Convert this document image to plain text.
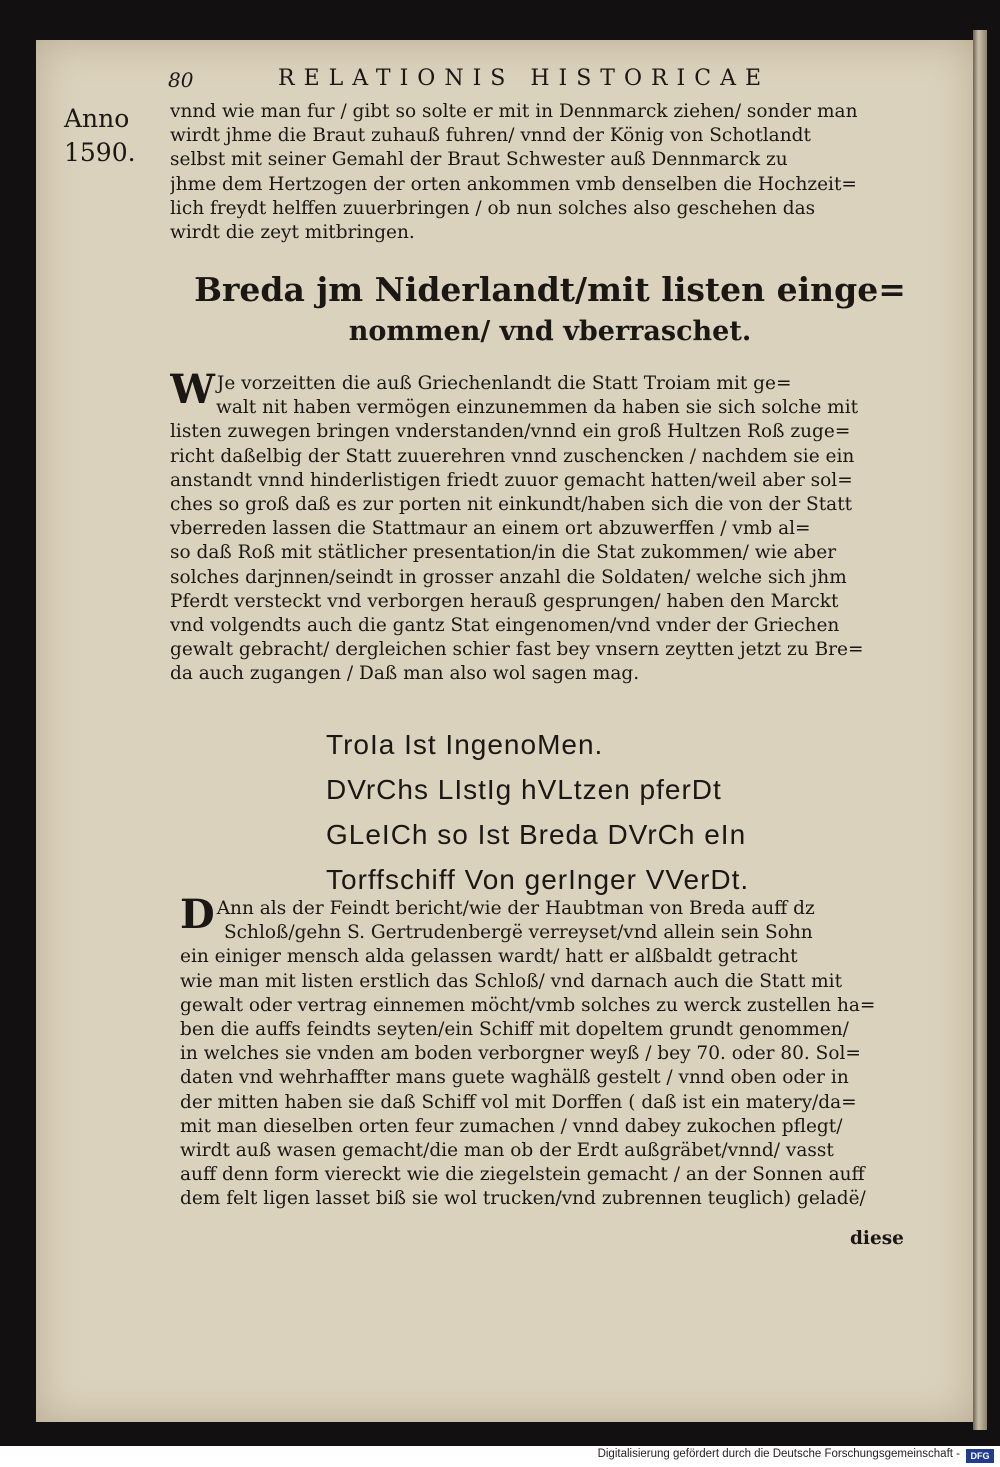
80	RELATIONIS HISTORICAE
Anno
1590.
vnnd wie man fur / gibt so solte er mit in Dennmarck ziehen/ sonder man
wirdt jhme die Braut zuhauß fuhren/ vnnd der König von Schotlandt
selbst mit seiner Gemahl der Braut Schwester auß Dennmarck zu
jhme dem Hertzogen der orten ankommen vmb denselben die Hochzeit=
lich freydt helffen zuuerbringen / ob nun solches also geschehen das
wirdt die zeyt mitbringen.
Breda jm Niderlandt/mit listen einge=
nommen/ vnd vberraschet.
W Je vorzeitten die auß Griechenlandt die Statt Troiam mit ge=
walt nit haben vermögen einzunemmen da haben sie sich solche mit
listen zuwegen bringen vnderstanden/vnnd ein groß Hultzen Roß zuge=
richt daßelbig der Statt zuuerehren vnnd zuschencken / nachdem sie ein
anstandt vnnd hinderlistigen friedt zuuor gemacht hatten/weil aber sol=
ches so groß daß es zur porten nit einkundt/haben sich die von der Statt
vberreden lassen die Stattmaur an einem ort abzuwerffen / vmb al=
so daß Roß mit stätlicher presentation/in die Stat zukommen/ wie aber
solches darjnnen/seindt in grosser anzahl die Soldaten/ welche sich jhm
Pferdt versteckt vnd verborgen herauß gesprungen/ haben den Marckt
vnd volgendts auch die gantz Stat eingenomen/vnd vnder der Griechen
gewalt gebracht/ dergleichen schier fast bey vnsern zeytten jetzt zu Bre=
da auch zugangen / Daß man also wol sagen mag.
TroIa Ist IngenoMen.
DVrChs LIstIg hVLtzen pferDt
GLeICh so Ist Breda DVrCh eIn
Torffschiff Von gerInger VVerDt.
D Ann als der Feindt bericht/wie der Haubtman von Breda auff dz
Schloß/gehn S. Gertrudenbergë verreyset/vnd allein sein Sohn
ein einiger mensch alda gelassen wardt/ hatt er alßbaldt getracht
wie man mit listen erstlich das Schloß/ vnd darnach auch die Statt mit
gewalt oder vertrag einnemen möcht/vmb solches zu werck zustellen ha=
ben die auffs feindts seyten/ein Schiff mit dopeltem grundt genommen/
in welches sie vnden am boden verborgner weyß / bey 70. oder 80. Sol=
daten vnd wehrhaffter mans guete waghälß gestelt / vnnd oben oder in
der mitten haben sie daß Schiff vol mit Dorffen ( daß ist ein matery/da=
mit man dieselben orten feur zumachen / vnnd dabey zukochen pflegt/
wirdt auß wasen gemacht/die man ob der Erdt außgräbet/vnnd/ vasst
auff denn form viereckt wie die ziegelstein gemacht / an der Sonnen auff
dem felt ligen lasset biß sie wol trucken/vnd zubrennen teuglich) geladë/
diese
Digitalisierung gefördert durch die Deutsche Forschungsgemeinschaft -	DFG
